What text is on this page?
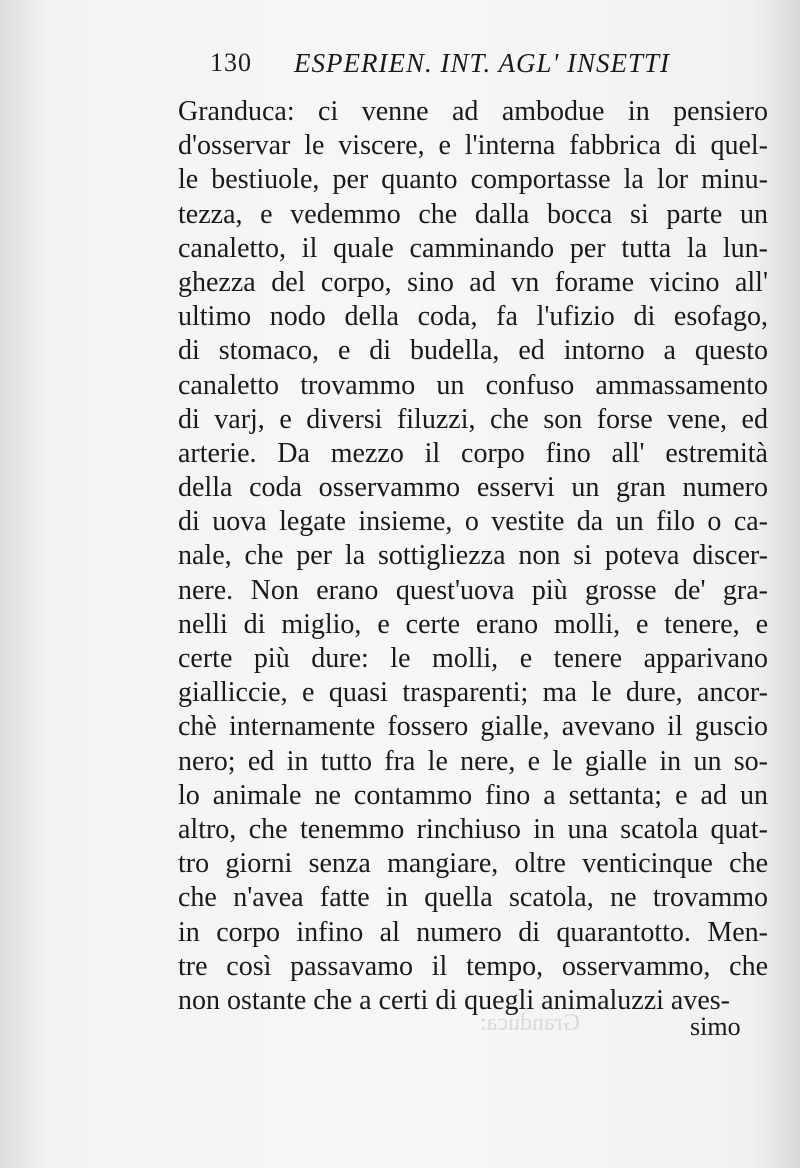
130 ESPERIEN. INT. AGL' INSETTI
Granduca: ci venne ad ambodue in pensiero
d'osservar le viscere, e l'interna fabbrica di quel-
le bestiuole, per quanto comportasse la lor minu-
tezza, e vedemmo che dalla bocca si parte un
canaletto, il quale camminando per tutta la lun-
ghezza del corpo, sino ad vn forame vicino all'
ultimo nodo della coda, fa l'ufizio di esofago,
di stomaco, e di budella, ed intorno a questo
canaletto trovammo un confuso ammassamento
di varj, e diversi filuzzi, che son forse vene, ed
arterie. Da mezzo il corpo fino all' estremità
della coda osservammo esservi un gran numero
di uova legate insieme, o vestite da un filo o ca-
nale, che per la sottigliezza non si poteva discer-
nere. Non erano quest'uova più grosse de' gra-
nelli di miglio, e certe erano molli, e tenere, e
certe più dure: le molli, e tenere apparivano
gialliccie, e quasi trasparenti; ma le dure, ancor-
chè internamente fossero gialle, avevano il guscio
nero; ed in tutto fra le nere, e le gialle in un so-
lo animale ne contammo fino a settanta; e ad un
altro, che tenemmo rinchiuso in una scatola quat-
tro giorni senza mangiare, oltre venticinque che
che n'avea fatte in quella scatola, ne trovammo
in corpo infino al numero di quarantotto. Men-
tre così passavamo il tempo, osservammo, che
non ostante che a certi di quegli animaluzzi aves-
Granduca:	simo
